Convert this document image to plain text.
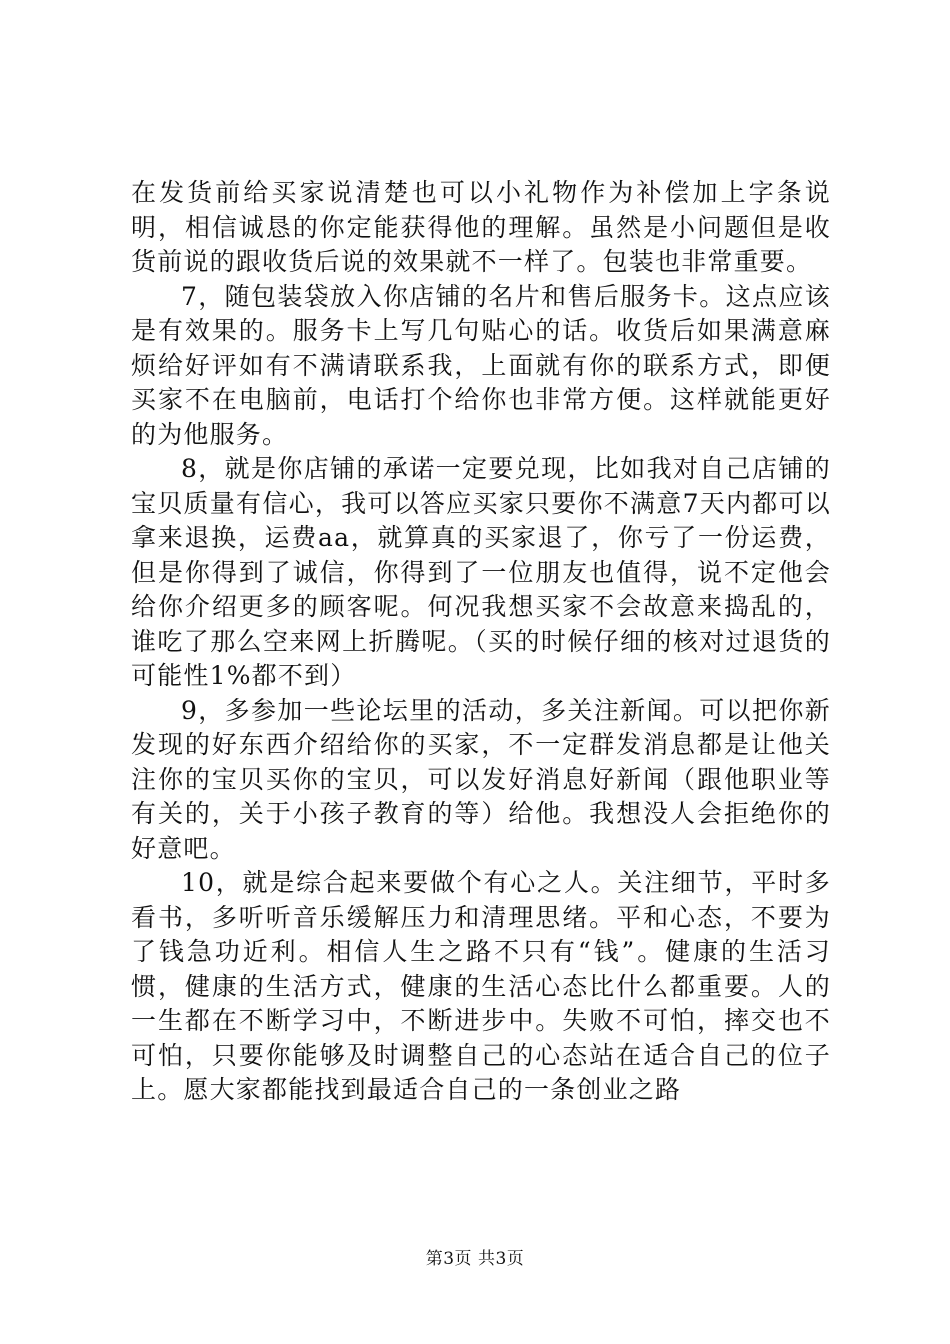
在发货前给买家说清楚也可以小礼物作为补偿加上字条说明，相信诚恳的你定能获得他的理解。虽然是小问题但是收货前说的跟收货后说的效果就不一样了。包装也非常重要。

7，随包装袋放入你店铺的名片和售后服务卡。这点应该是有效果的。服务卡上写几句贴心的话。收货后如果满意麻烦给好评如有不满请联系我，上面就有你的联系方式，即便买家不在电脑前，电话打个给你也非常方便。这样就能更好的为他服务。

8，就是你店铺的承诺一定要兑现，比如我对自己店铺的宝贝质量有信心，我可以答应买家只要你不满意7天内都可以拿来退换，运费aa，就算真的买家退了，你亏了一份运费，但是你得到了诚信，你得到了一位朋友也值得，说不定他会给你介绍更多的顾客呢。何况我想买家不会故意来捣乱的，谁吃了那么空来网上折腾呢。（买的时候仔细的核对过退货的可能性1%都不到）

9，多参加一些论坛里的活动，多关注新闻。可以把你新发现的好东西介绍给你的买家，不一定群发消息都是让他关注你的宝贝买你的宝贝，可以发好消息好新闻（跟他职业等有关的，关于小孩子教育的等）给他。我想没人会拒绝你的好意吧。

10，就是综合起来要做个有心之人。关注细节，平时多看书，多听听音乐缓解压力和清理思绪。平和心态，不要为了钱急功近利。相信人生之路不只有“钱”。健康的生活习惯，健康的生活方式，健康的生活心态比什么都重要。人的一生都在不断学习中，不断进步中。失败不可怕，摔交也不可怕，只要你能够及时调整自己的心态站在适合自己的位子上。愿大家都能找到最适合自己的一条创业之路

第3页 共3页
